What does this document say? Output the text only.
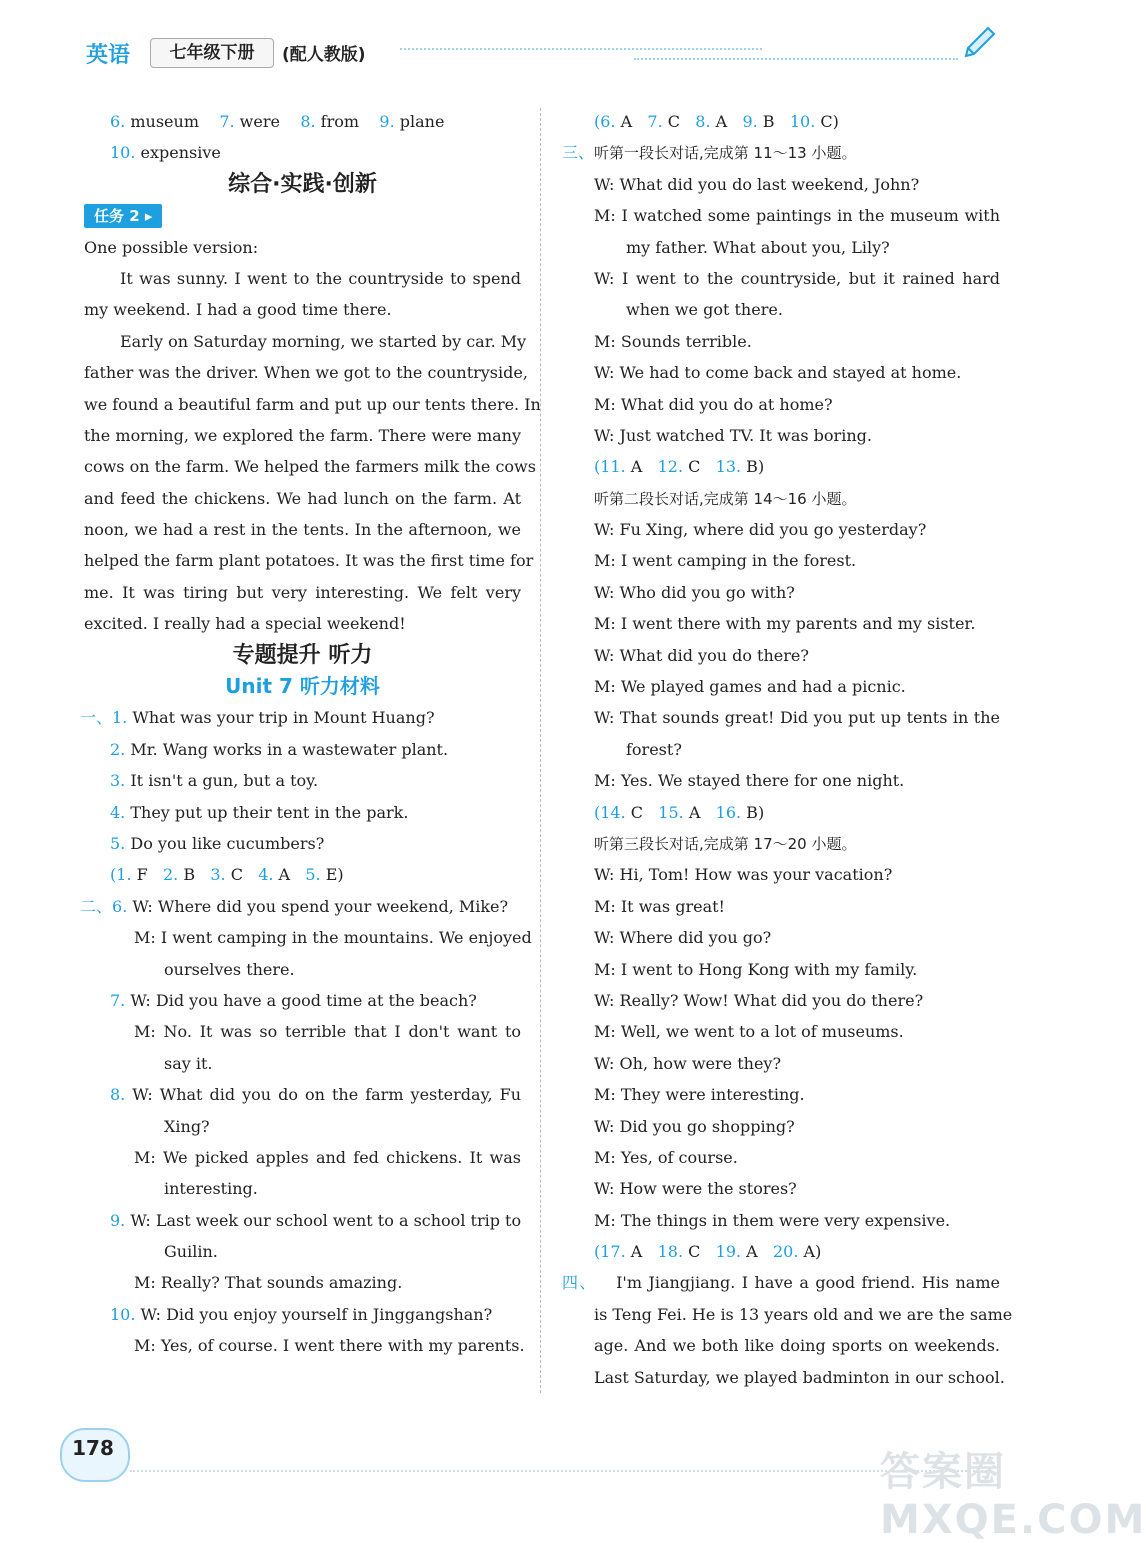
英语	七年级下册	(配人教版)
6. museum    7. were    8. from    9. plane
10. expensive
综合·实践·创新
任务 2 ▸
One possible version:
It was sunny. I went to the countryside to spend
my weekend. I had a good time there.
Early on Saturday morning, we started by car. My
father was the driver. When we got to the countryside,
we found a beautiful farm and put up our tents there. In
the morning, we explored the farm. There were many
cows on the farm. We helped the farmers milk the cows
and feed the chickens. We had lunch on the farm. At
noon, we had a rest in the tents. In the afternoon, we
helped the farm plant potatoes. It was the first time for
me. It was tiring but very interesting. We felt very
excited. I really had a special weekend!
专题提升 听力
Unit 7 听力材料
一、1. What was your trip in Mount Huang?
2. Mr. Wang works in a wastewater plant.
3. It isn't a gun, but a toy.
4. They put up their tent in the park.
5. Do you like cucumbers?
(1. F   2. B   3. C   4. A   5. E)
二、6. W: Where did you spend your weekend, Mike?
M: I went camping in the mountains. We enjoyed
ourselves there.
7. W: Did you have a good time at the beach?
M: No. It was so terrible that I don't want to
say it.
8. W: What did you do on the farm yesterday, Fu
Xing?
M: We picked apples and fed chickens. It was
interesting.
9. W: Last week our school went to a school trip to
Guilin.
M: Really? That sounds amazing.
10. W: Did you enjoy yourself in Jinggangshan?
M: Yes, of course. I went there with my parents.
(6. A   7. C   8. A   9. B   10. C)
三、听第一段长对话,完成第 11～13 小题。
W: What did you do last weekend, John?
M: I watched some paintings in the museum with
my father. What about you, Lily?
W: I went to the countryside, but it rained hard
when we got there.
M: Sounds terrible.
W: We had to come back and stayed at home.
M: What did you do at home?
W: Just watched TV. It was boring.
(11. A   12. C   13. B)
听第二段长对话,完成第 14～16 小题。
W: Fu Xing, where did you go yesterday?
M: I went camping in the forest.
W: Who did you go with?
M: I went there with my parents and my sister.
W: What did you do there?
M: We played games and had a picnic.
W: That sounds great! Did you put up tents in the
forest?
M: Yes. We stayed there for one night.
(14. C   15. A   16. B)
听第三段长对话,完成第 17～20 小题。
W: Hi, Tom! How was your vacation?
M: It was great!
W: Where did you go?
M: I went to Hong Kong with my family.
W: Really? Wow! What did you do there?
M: Well, we went to a lot of museums.
W: Oh, how were they?
M: They were interesting.
W: Did you go shopping?
M: Yes, of course.
W: How were the stores?
M: The things in them were very expensive.
(17. A   18. C   19. A   20. A)
四、   I'm Jiangjiang. I have a good friend. His name
is Teng Fei. He is 13 years old and we are the same
age. And we both like doing sports on weekends.
Last Saturday, we played badminton in our school.
178
答案圈 MXQE.COM
